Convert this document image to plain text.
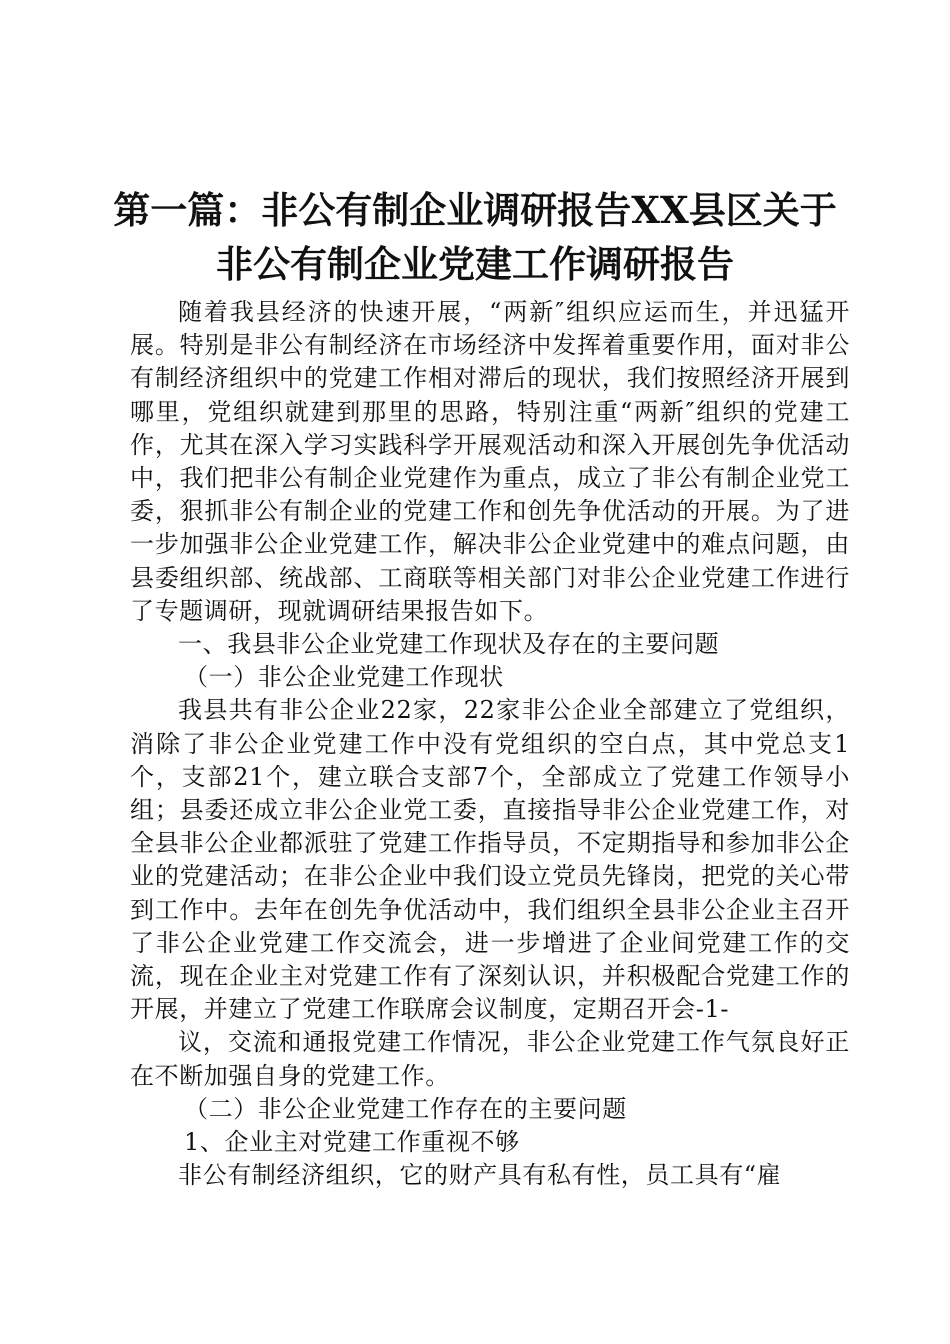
第一篇：非公有制企业调研报告XX县区关于
非公有制企业党建工作调研报告

随着我县经济的快速开展，“两新″组织应运而生，并迅猛开展。特别是非公有制经济在市场经济中发挥着重要作用，面对非公有制经济组织中的党建工作相对滞后的现状，我们按照经济开展到哪里，党组织就建到那里的思路，特别注重“两新″组织的党建工作，尤其在深入学习实践科学开展观活动和深入开展创先争优活动中，我们把非公有制企业党建作为重点，成立了非公有制企业党工委，狠抓非公有制企业的党建工作和创先争优活动的开展。为了进一步加强非公企业党建工作，解决非公企业党建中的难点问题，由县委组织部、统战部、工商联等相关部门对非公企业党建工作进行了专题调研，现就调研结果报告如下。

一、我县非公企业党建工作现状及存在的主要问题

（一）非公企业党建工作现状

我县共有非公企业22家，22家非公企业全部建立了党组织，消除了非公企业党建工作中没有党组织的空白点，其中党总支1个，支部21个，建立联合支部7个，全部成立了党建工作领导小组；县委还成立非公企业党工委，直接指导非公企业党建工作，对全县非公企业都派驻了党建工作指导员，不定期指导和参加非公企业的党建活动；在非公企业中我们设立党员先锋岗，把党的关心带到工作中。去年在创先争优活动中，我们组织全县非公企业主召开了非公企业党建工作交流会，进一步增进了企业间党建工作的交流，现在企业主对党建工作有了深刻认识，并积极配合党建工作的开展，并建立了党建工作联席会议制度，定期召开会-1-

议，交流和通报党建工作情况，非公企业党建工作气氛良好正在不断加强自身的党建工作。

（二）非公企业党建工作存在的主要问题

1、企业主对党建工作重视不够

非公有制经济组织，它的财产具有私有性，员工具有“雇
